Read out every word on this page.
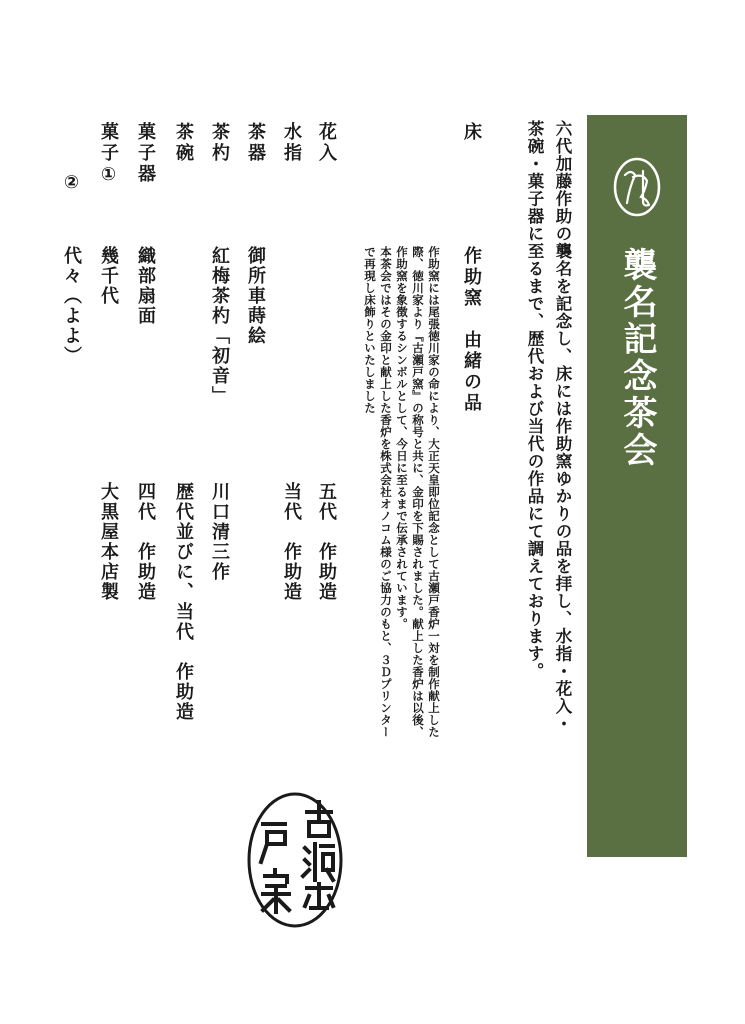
六代　加藤作助
襲名記念茶会
六代加藤作助の襲名を記念し、床には作助窯ゆかりの品を拝し、水指・花入・
茶碗・菓子器に至るまで、歴代および当代の作品にて調えております。
床
作助窯　由緒の品
作助窯には尾張徳川家の命により、大正天皇即位記念として古瀬戸香炉一対を制作献上した
際、徳川家より『古瀬戸窯』の称号と共に、金印を下賜されました。献上した香炉は以後、
作助窯を象徴するシンボルとして、今日に至るまで伝承されています。
本茶会ではその金印と献上した香炉を株式会社オノコム様のご協力のもと、３Ｄプリンター
で再現し床飾りといたしました
花入
五代　作助造
水指
当代　作助造
茶器
御所車蒔絵
茶杓
紅梅茶杓「初音」
川口清三作
茶碗
歴代並びに、当代　作助造
菓子器
織部扇面
四代　作助造
菓子①
幾千代
大黒屋本店製
②
代々（よよ）
